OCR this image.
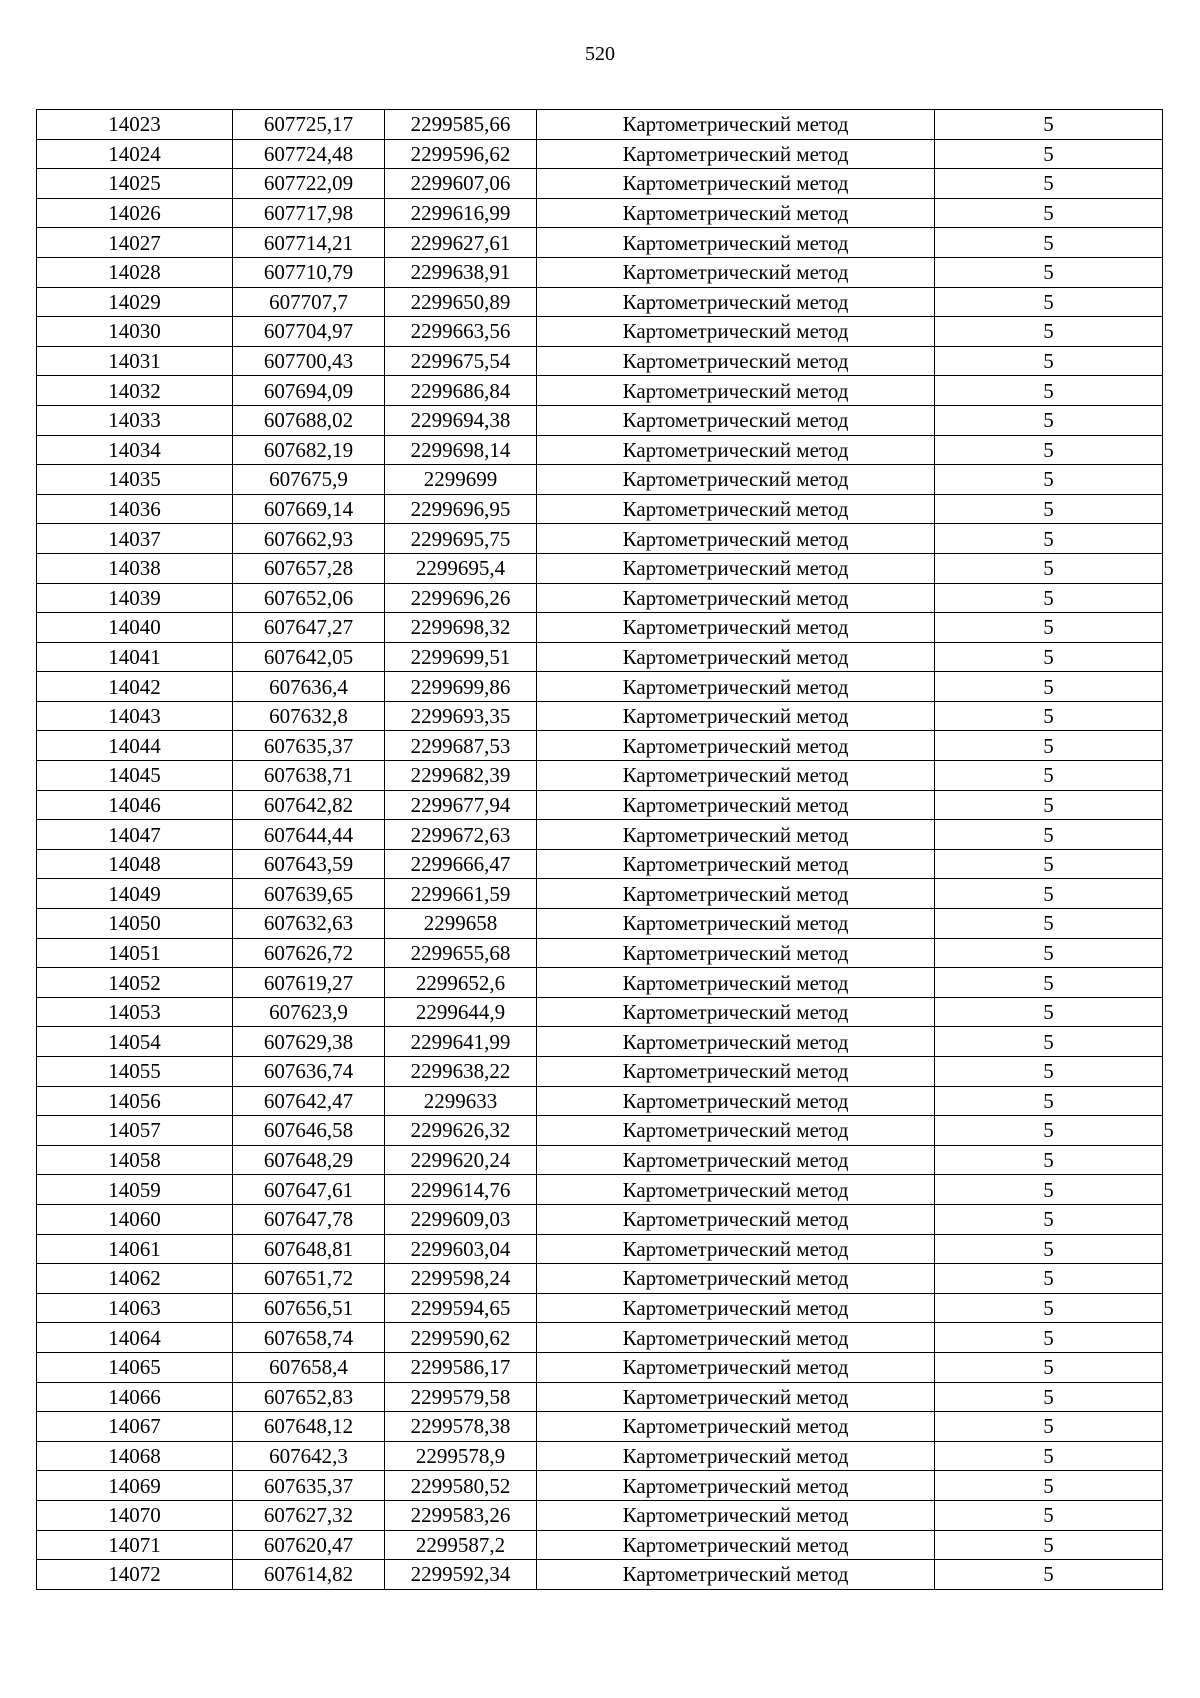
520
14023	607725,17	2299585,66	Картометрический метод	5
14024	607724,48	2299596,62	Картометрический метод	5
14025	607722,09	2299607,06	Картометрический метод	5
14026	607717,98	2299616,99	Картометрический метод	5
14027	607714,21	2299627,61	Картометрический метод	5
14028	607710,79	2299638,91	Картометрический метод	5
14029	607707,7	2299650,89	Картометрический метод	5
14030	607704,97	2299663,56	Картометрический метод	5
14031	607700,43	2299675,54	Картометрический метод	5
14032	607694,09	2299686,84	Картометрический метод	5
14033	607688,02	2299694,38	Картометрический метод	5
14034	607682,19	2299698,14	Картометрический метод	5
14035	607675,9	2299699	Картометрический метод	5
14036	607669,14	2299696,95	Картометрический метод	5
14037	607662,93	2299695,75	Картометрический метод	5
14038	607657,28	2299695,4	Картометрический метод	5
14039	607652,06	2299696,26	Картометрический метод	5
14040	607647,27	2299698,32	Картометрический метод	5
14041	607642,05	2299699,51	Картометрический метод	5
14042	607636,4	2299699,86	Картометрический метод	5
14043	607632,8	2299693,35	Картометрический метод	5
14044	607635,37	2299687,53	Картометрический метод	5
14045	607638,71	2299682,39	Картометрический метод	5
14046	607642,82	2299677,94	Картометрический метод	5
14047	607644,44	2299672,63	Картометрический метод	5
14048	607643,59	2299666,47	Картометрический метод	5
14049	607639,65	2299661,59	Картометрический метод	5
14050	607632,63	2299658	Картометрический метод	5
14051	607626,72	2299655,68	Картометрический метод	5
14052	607619,27	2299652,6	Картометрический метод	5
14053	607623,9	2299644,9	Картометрический метод	5
14054	607629,38	2299641,99	Картометрический метод	5
14055	607636,74	2299638,22	Картометрический метод	5
14056	607642,47	2299633	Картометрический метод	5
14057	607646,58	2299626,32	Картометрический метод	5
14058	607648,29	2299620,24	Картометрический метод	5
14059	607647,61	2299614,76	Картометрический метод	5
14060	607647,78	2299609,03	Картометрический метод	5
14061	607648,81	2299603,04	Картометрический метод	5
14062	607651,72	2299598,24	Картометрический метод	5
14063	607656,51	2299594,65	Картометрический метод	5
14064	607658,74	2299590,62	Картометрический метод	5
14065	607658,4	2299586,17	Картометрический метод	5
14066	607652,83	2299579,58	Картометрический метод	5
14067	607648,12	2299578,38	Картометрический метод	5
14068	607642,3	2299578,9	Картометрический метод	5
14069	607635,37	2299580,52	Картометрический метод	5
14070	607627,32	2299583,26	Картометрический метод	5
14071	607620,47	2299587,2	Картометрический метод	5
14072	607614,82	2299592,34	Картометрический метод	5
